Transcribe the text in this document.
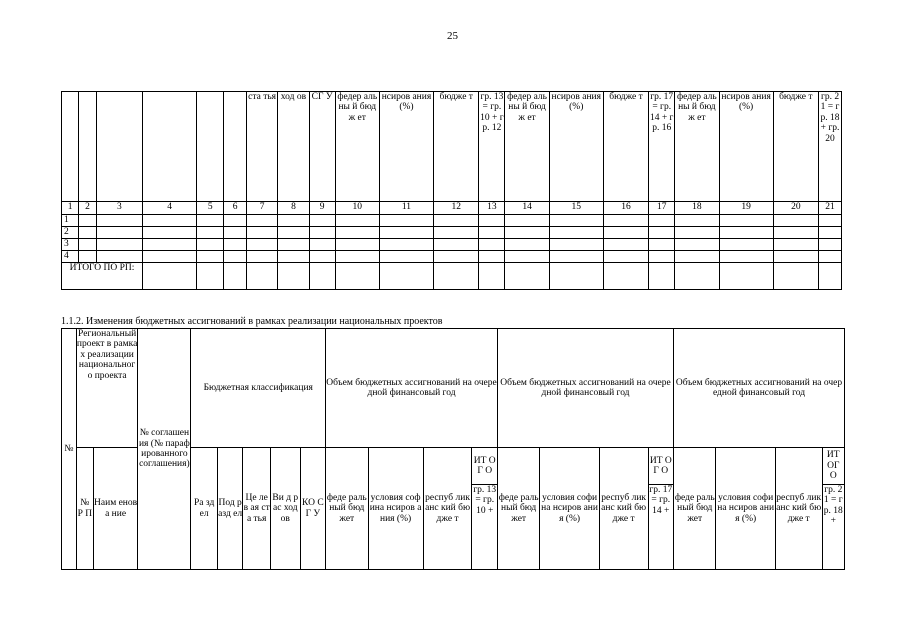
25
						ста тья	ход ов	СГ У	федер альны й бюдж ет	нсиров ания (%)	бюдже т	гр. 13 = гр. 10 + гр. 12	федер альны й бюдж ет	нсиров ания (%)	бюдже т	гр. 17 = гр. 14 + гр. 16	федер альны й бюдж ет	нсиров ания (%)	бюдже т	гр. 21 = гр. 18 + гр. 20
1	2	3	4	5	6	7	8	9	10	11	12	13	14	15	16	17	18	19	20	21
1																				
2																				
3																				
4																				
ИТОГО ПО РП:																				
1.1.2. Изменения бюджетных ассигнований в рамках реализации национальных проектов
№	Региональный проект в рамках реализации национального проекта		№ соглашения (№ парафированного соглашения)	Бюджетная классификация					Объем бюджетных ассигнований на очередной финансовый год				Объем бюджетных ассигнований на очередной финансовый год				Объем бюджетных ассигнований на очередной финансовый год			
	№ Р П	Наим енова ние		Ра зд ел	Под разд ел	Це лев ая ста тья	Ви д рас ход ов	КО СГ У	феде раль ный бюд жет	условия софина нсиров ания (%)	респуб ликанс кий бюдже т	ИТ ОГ О	феде раль ный бюд жет	условия софина нсиров ания (%)	респуб ликанс кий бюдже т	ИТ ОГ О	феде раль ный бюд жет	условия софина нсиров ания (%)	респуб ликанс кий бюдже т	ИТ ОГ О
												гр. 13 = гр. 10 +				гр. 17 = гр. 14 +				гр. 21 = гр. 18 +
